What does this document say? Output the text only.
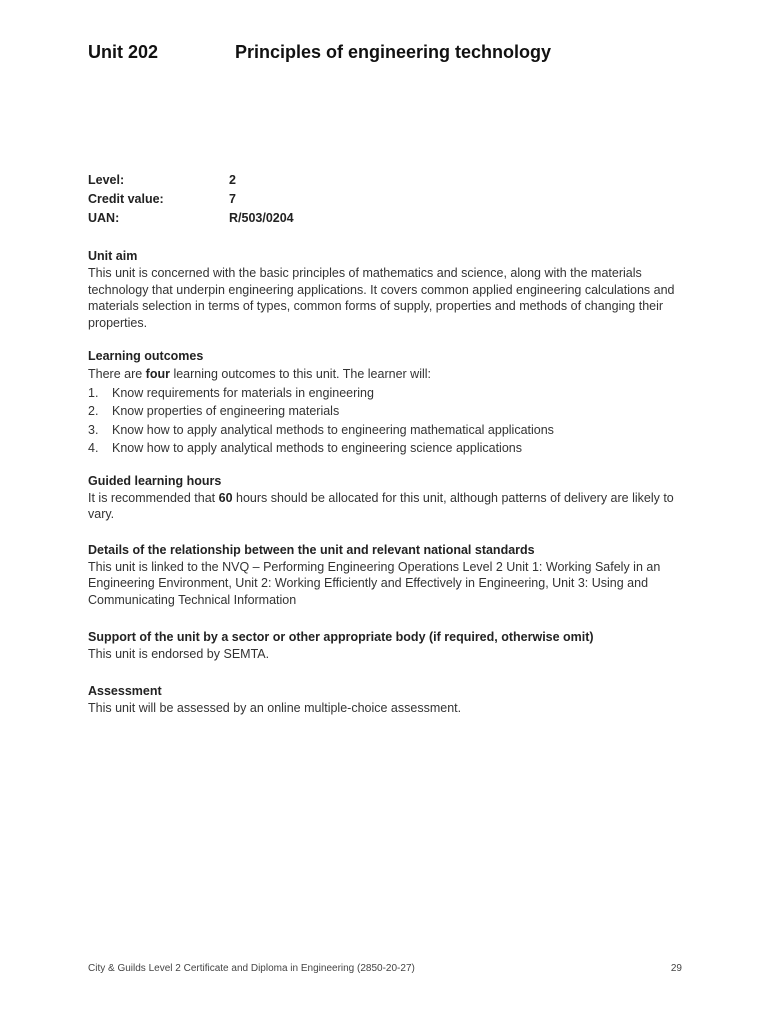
Unit 202	Principles of engineering technology
Level:	2
Credit value:	7
UAN:	R/503/0204

Unit aim

This unit is concerned with the basic principles of mathematics and science, along with the materials technology that underpin engineering applications. It covers common applied engineering calculations and materials selection in terms of types, common forms of supply, properties and methods of changing their properties.

Learning outcomes

There are four learning outcomes to this unit. The learner will:

1. Know requirements for materials in engineering
2. Know properties of engineering materials
3. Know how to apply analytical methods to engineering mathematical applications
4. Know how to apply analytical methods to engineering science applications

Guided learning hours

It is recommended that 60 hours should be allocated for this unit, although patterns of delivery are likely to vary.

Details of the relationship between the unit and relevant national standards

This unit is linked to the NVQ – Performing Engineering Operations Level 2 Unit 1: Working Safely in an Engineering Environment, Unit 2: Working Efficiently and Effectively in Engineering, Unit 3: Using and Communicating Technical Information

Support of the unit by a sector or other appropriate body (if required, otherwise omit)

This unit is endorsed by SEMTA.

Assessment

This unit will be assessed by an online multiple-choice assessment.

City & Guilds Level 2 Certificate and Diploma in Engineering (2850-20-27)	29
